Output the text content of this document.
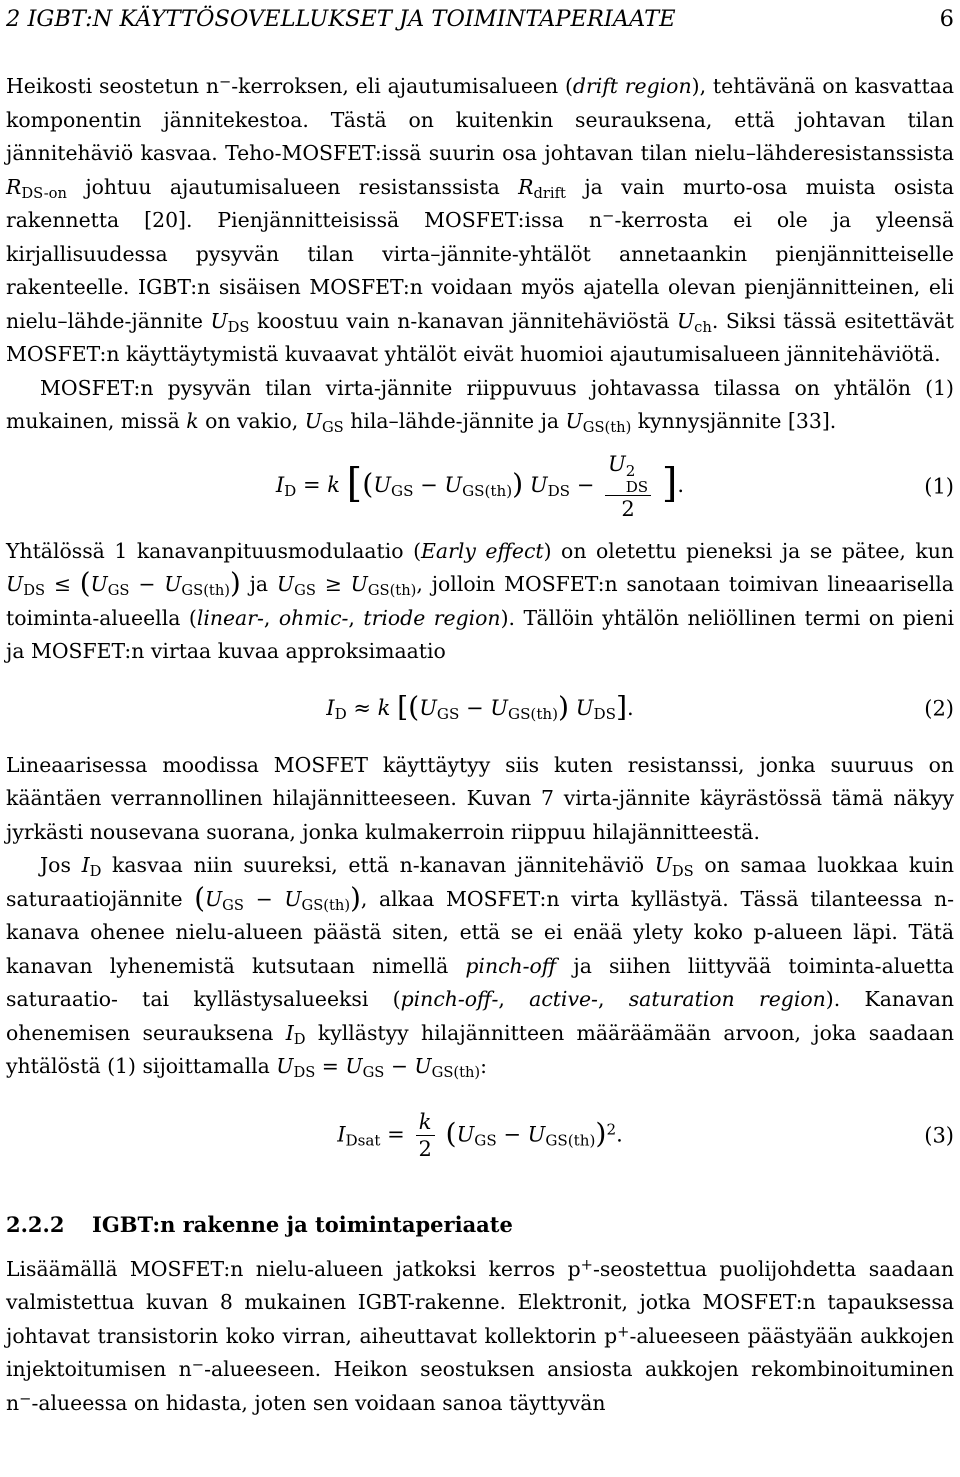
2 IGBT:N KÄYTTÖSOVELLUKSET JA TOIMINTAPERIAATE	6

Heikosti seostetun n−-kerroksen, eli ajautumisalueen (drift region), tehtävänä on kasvattaa komponentin jännitekestoa. Tästä on kuitenkin seurauksena, että johtavan tilan jännitehäviö kasvaa. Teho-MOSFET:issä suurin osa johtavan tilan nielu–lähderesistanssista $R_{DS-on}$ johtuu ajautumisalueen resistanssista $R_{drift}$ ja vain murto-osa muista osista rakennetta [20]. Pienjännitteisissä MOSFET:issa n−-kerrosta ei ole ja yleensä kirjallisuudessa pysyvän tilan virta–jännite-yhtälöt annetaankin pienjännitteiselle rakenteelle. IGBT:n sisäisen MOSFET:n voidaan myös ajatella olevan pienjännitteinen, eli nielu–lähde-jännite $U_{DS}$ koostuu vain n-kanavan jännitehäviöstä $U_{ch}$. Siksi tässä esitettävät MOSFET:n käyttäytymistä kuvaavat yhtälöt eivät huomioi ajautumisalueen jännitehäviötä.

MOSFET:n pysyvän tilan virta-jännite riippuvuus johtavassa tilassa on yhtälön (1) mukainen, missä k on vakio, $U_{GS}$ hila–lähde-jännite ja $U_{GS(th)}$ kynnysjännite [33].

$I_D = k$ [$(U_{GS} - U_{GS(th)}) U_{DS} - U$ 2
DS
2 ].	(1)

Yhtälössä 1 kanavanpituusmodulaatio (Early effect) on oletettu pieneksi ja se pätee, kun $U_{DS} \le (U_{GS} - U_{GS(th)})$ ja $U_{GS} \ge U_{GS(th)}$, jolloin MOSFET:n sanotaan toimivan lineaarisella toiminta-alueella (linear-, ohmic-, triode region). Tällöin yhtälön neliöllinen termi on pieni ja MOSFET:n virtaa kuvaa approksimaatio

$I_D \approx k$ [$(U_{GS} - U_{GS(th)})$ $U_{DS}$].	(2)

Lineaarisessa moodissa MOSFET käyttäytyy siis kuten resistanssi, jonka suuruus on kääntäen verrannollinen hilajännitteeseen. Kuvan 7 virta-jännite käyrästössä tämä näkyy jyrkästi nousevana suorana, jonka kulmakerroin riippuu hilajännitteestä.

Jos $I_D$ kasvaa niin suureksi, että n-kanavan jännitehäviö $U_{DS}$ on samaa luokkaa kuin saturaatiojännite $(U_{GS} - U_{GS(th)})$, alkaa MOSFET:n virta kyllästyä. Tässä tilanteessa n-kanava ohenee nielu-alueen päästä siten, että se ei enää ylety koko p-alueen läpi. Tätä kanavan lyhenemistä kutsutaan nimellä pinch-off ja siihen liittyvää toiminta-aluetta saturaatio- tai kyllästysalueeksi (pinch-off-, active-, saturation region). Kanavan ohenemisen seurauksena $I_D$ kyllästyy hilajännitteen määräämään arvoon, joka saadaan yhtälöstä (1) sijoittamalla $U_{DS} = U_{GS} - U_{GS(th)}$:

$I_{Dsat} = \frac{k}{2} (U_{GS} - U_{GS(th)})^2$.	(3)
2.2.2 IGBT:n rakenne ja toimintaperiaate

Lisäämällä MOSFET:n nielu-alueen jatkoksi kerros p+-seostettua puolijohdetta saadaan valmistettua kuvan 8 mukainen IGBT-rakenne. Elektronit, jotka MOSFET:n tapauksessa johtavat transistorin koko virran, aiheuttavat kollektorin p+-alueeseen päästyään aukkojen injektoitumisen n−-alueeseen. Heikon seostuksen ansiosta aukkojen rekombinoituminen n−-alueessa on hidasta, joten sen voidaan sanoa täyttyvän
